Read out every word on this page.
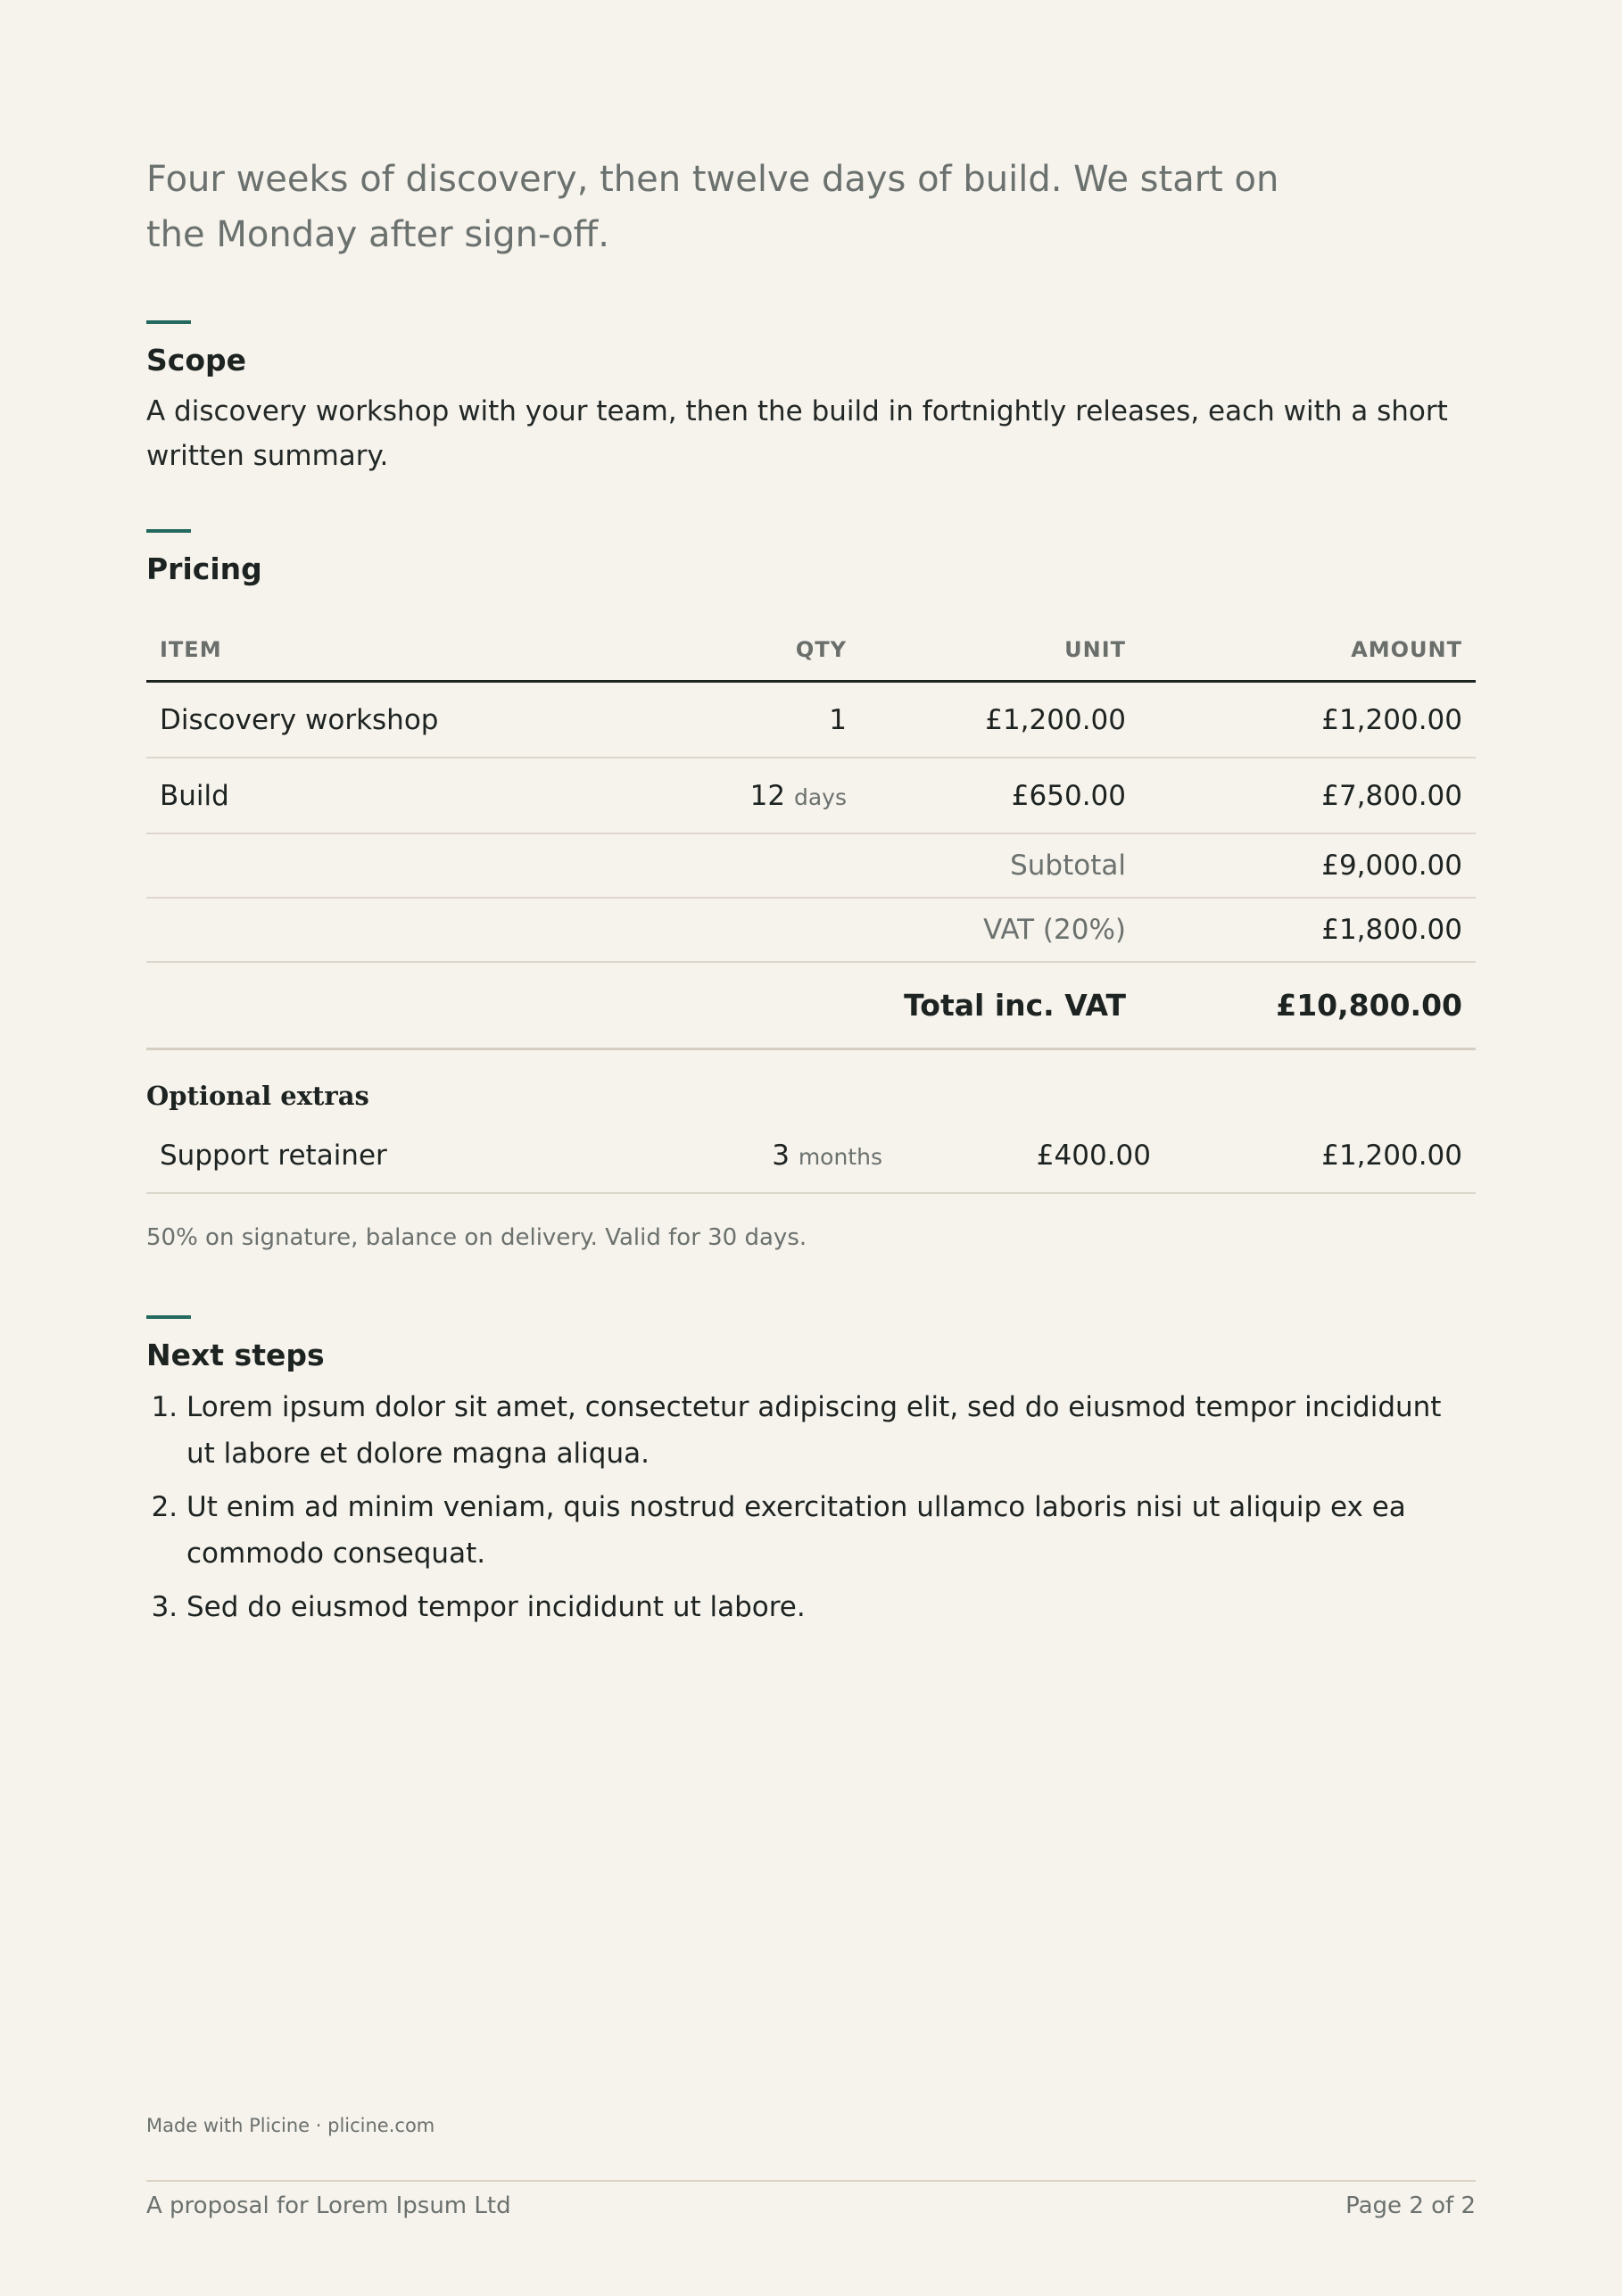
Four weeks of discovery, then twelve days of build. We start on the Monday after sign-off.

Scope

A discovery workshop with your team, then the build in fortnightly releases, each with a short written summary.

Pricing
ITEM	QTY	UNIT	AMOUNT
Discovery workshop	1	£1,200.00	£1,200.00
Build	12 days	£650.00	£7,800.00
		Subtotal	£9,000.00
		VAT (20%)	£1,800.00
		Total inc. VAT	£10,800.00
Optional extras
Support retainer	3 months	£400.00	£1,200.00

50% on signature, balance on delivery. Valid for 30 days.

Next steps
1. Lorem ipsum dolor sit amet, consectetur adipiscing elit, sed do eiusmod tempor incididunt ut labore et dolore magna aliqua.
2. Ut enim ad minim veniam, quis nostrud exercitation ullamco laboris nisi ut aliquip ex ea commodo consequat.
3. Sed do eiusmod tempor incididunt ut labore.

Made with Plicine · plicine.com

A proposal for Lorem Ipsum Ltd	Page 2 of 2
